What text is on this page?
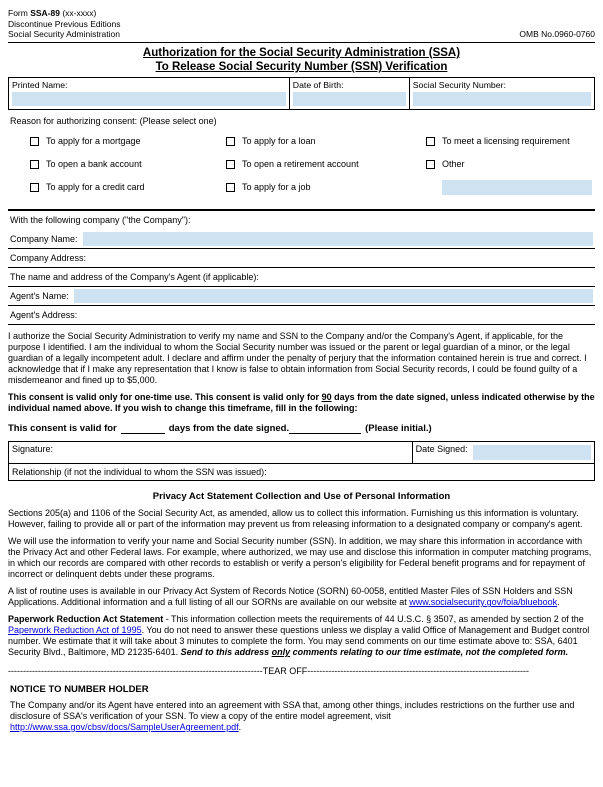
Form SSA-89 (xx-xxxx)
Discontinue Previous Editions
Social Security Administration	OMB No.0960-0760
Authorization for the Social Security Administration (SSA)
To Release Social Security Number (SSN) Verification
Printed Name:	Date of Birth:	Social Security Number:
Reason for authorizing consent: (Please select one)
To apply for a mortgage
To open a bank account
To apply for a credit card
To apply for a loan
To open a retirement account
To apply for a job
To meet a licensing requirement
Other
With the following company ("the Company"):
Company Name:
Company Address:
The name and address of the Company's Agent (if applicable):
Agent's Name:
Agent's Address:

I authorize the Social Security Administration to verify my name and SSN to the Company and/or the Company's Agent, if applicable, for the purpose I identified. I am the individual to whom the Social Security number was issued or the parent or legal guardian of a minor, or the legal guardian of a legally incompetent adult. I declare and affirm under the penalty of perjury that the information contained herein is true and correct. I acknowledge that if I make any representation that I know is false to obtain information from Social Security records, I could be found guilty of a misdemeanor and fined up to $5,000.

This consent is valid only for one-time use. This consent is valid only for 90 days from the date signed, unless indicated otherwise by the individual named above. If you wish to change this timeframe, fill in the following:

This consent is valid for	days from the date signed.	(Please initial.)
Signature:	Date Signed:
Relationship (if not the individual to whom the SSN was issued):
Privacy Act Statement Collection and Use of Personal Information

Sections 205(a) and 1106 of the Social Security Act, as amended, allow us to collect this information. Furnishing us this information is voluntary. However, failing to provide all or part of the information may prevent us from releasing information to a designated company or company's agent.

We will use the information to verify your name and Social Security number (SSN). In addition, we may share this information in accordance with the Privacy Act and other Federal laws. For example, where authorized, we may use and disclose this information in computer matching programs, in which our records are compared with other records to establish or verify a person's eligibility for Federal benefit programs and for repayment of incorrect or delinquent debts under these programs.

A list of routine uses is available in our Privacy Act System of Records Notice (SORN) 60-0058, entitled Master Files of SSN Holders and SSN Applications. Additional information and a full listing of all our SORNs are available on our website at www.socialsecurity.gov/foia/bluebook.

Paperwork Reduction Act Statement - This information collection meets the requirements of 44 U.S.C. § 3507, as amended by section 2 of the Paperwork Reduction Act of 1995. You do not need to answer these questions unless we display a valid Office of Management and Budget control number. We estimate that it will take about 3 minutes to complete the form. You may send comments on our time estimate above to: SSA, 6401 Security Blvd., Baltimore, MD 21235-6401. Send to this address only comments relating to our time estimate, not the completed form.

-------------------------------------------------------------------------------------TEAR OFF--------------------------------------------------------------------------
NOTICE TO NUMBER HOLDER

The Company and/or its Agent have entered into an agreement with SSA that, among other things, includes restrictions on the further use and disclosure of SSA's verification of your SSN. To view a copy of the entire model agreement, visit http://www.ssa.gov/cbsv/docs/SampleUserAgreement.pdf.
